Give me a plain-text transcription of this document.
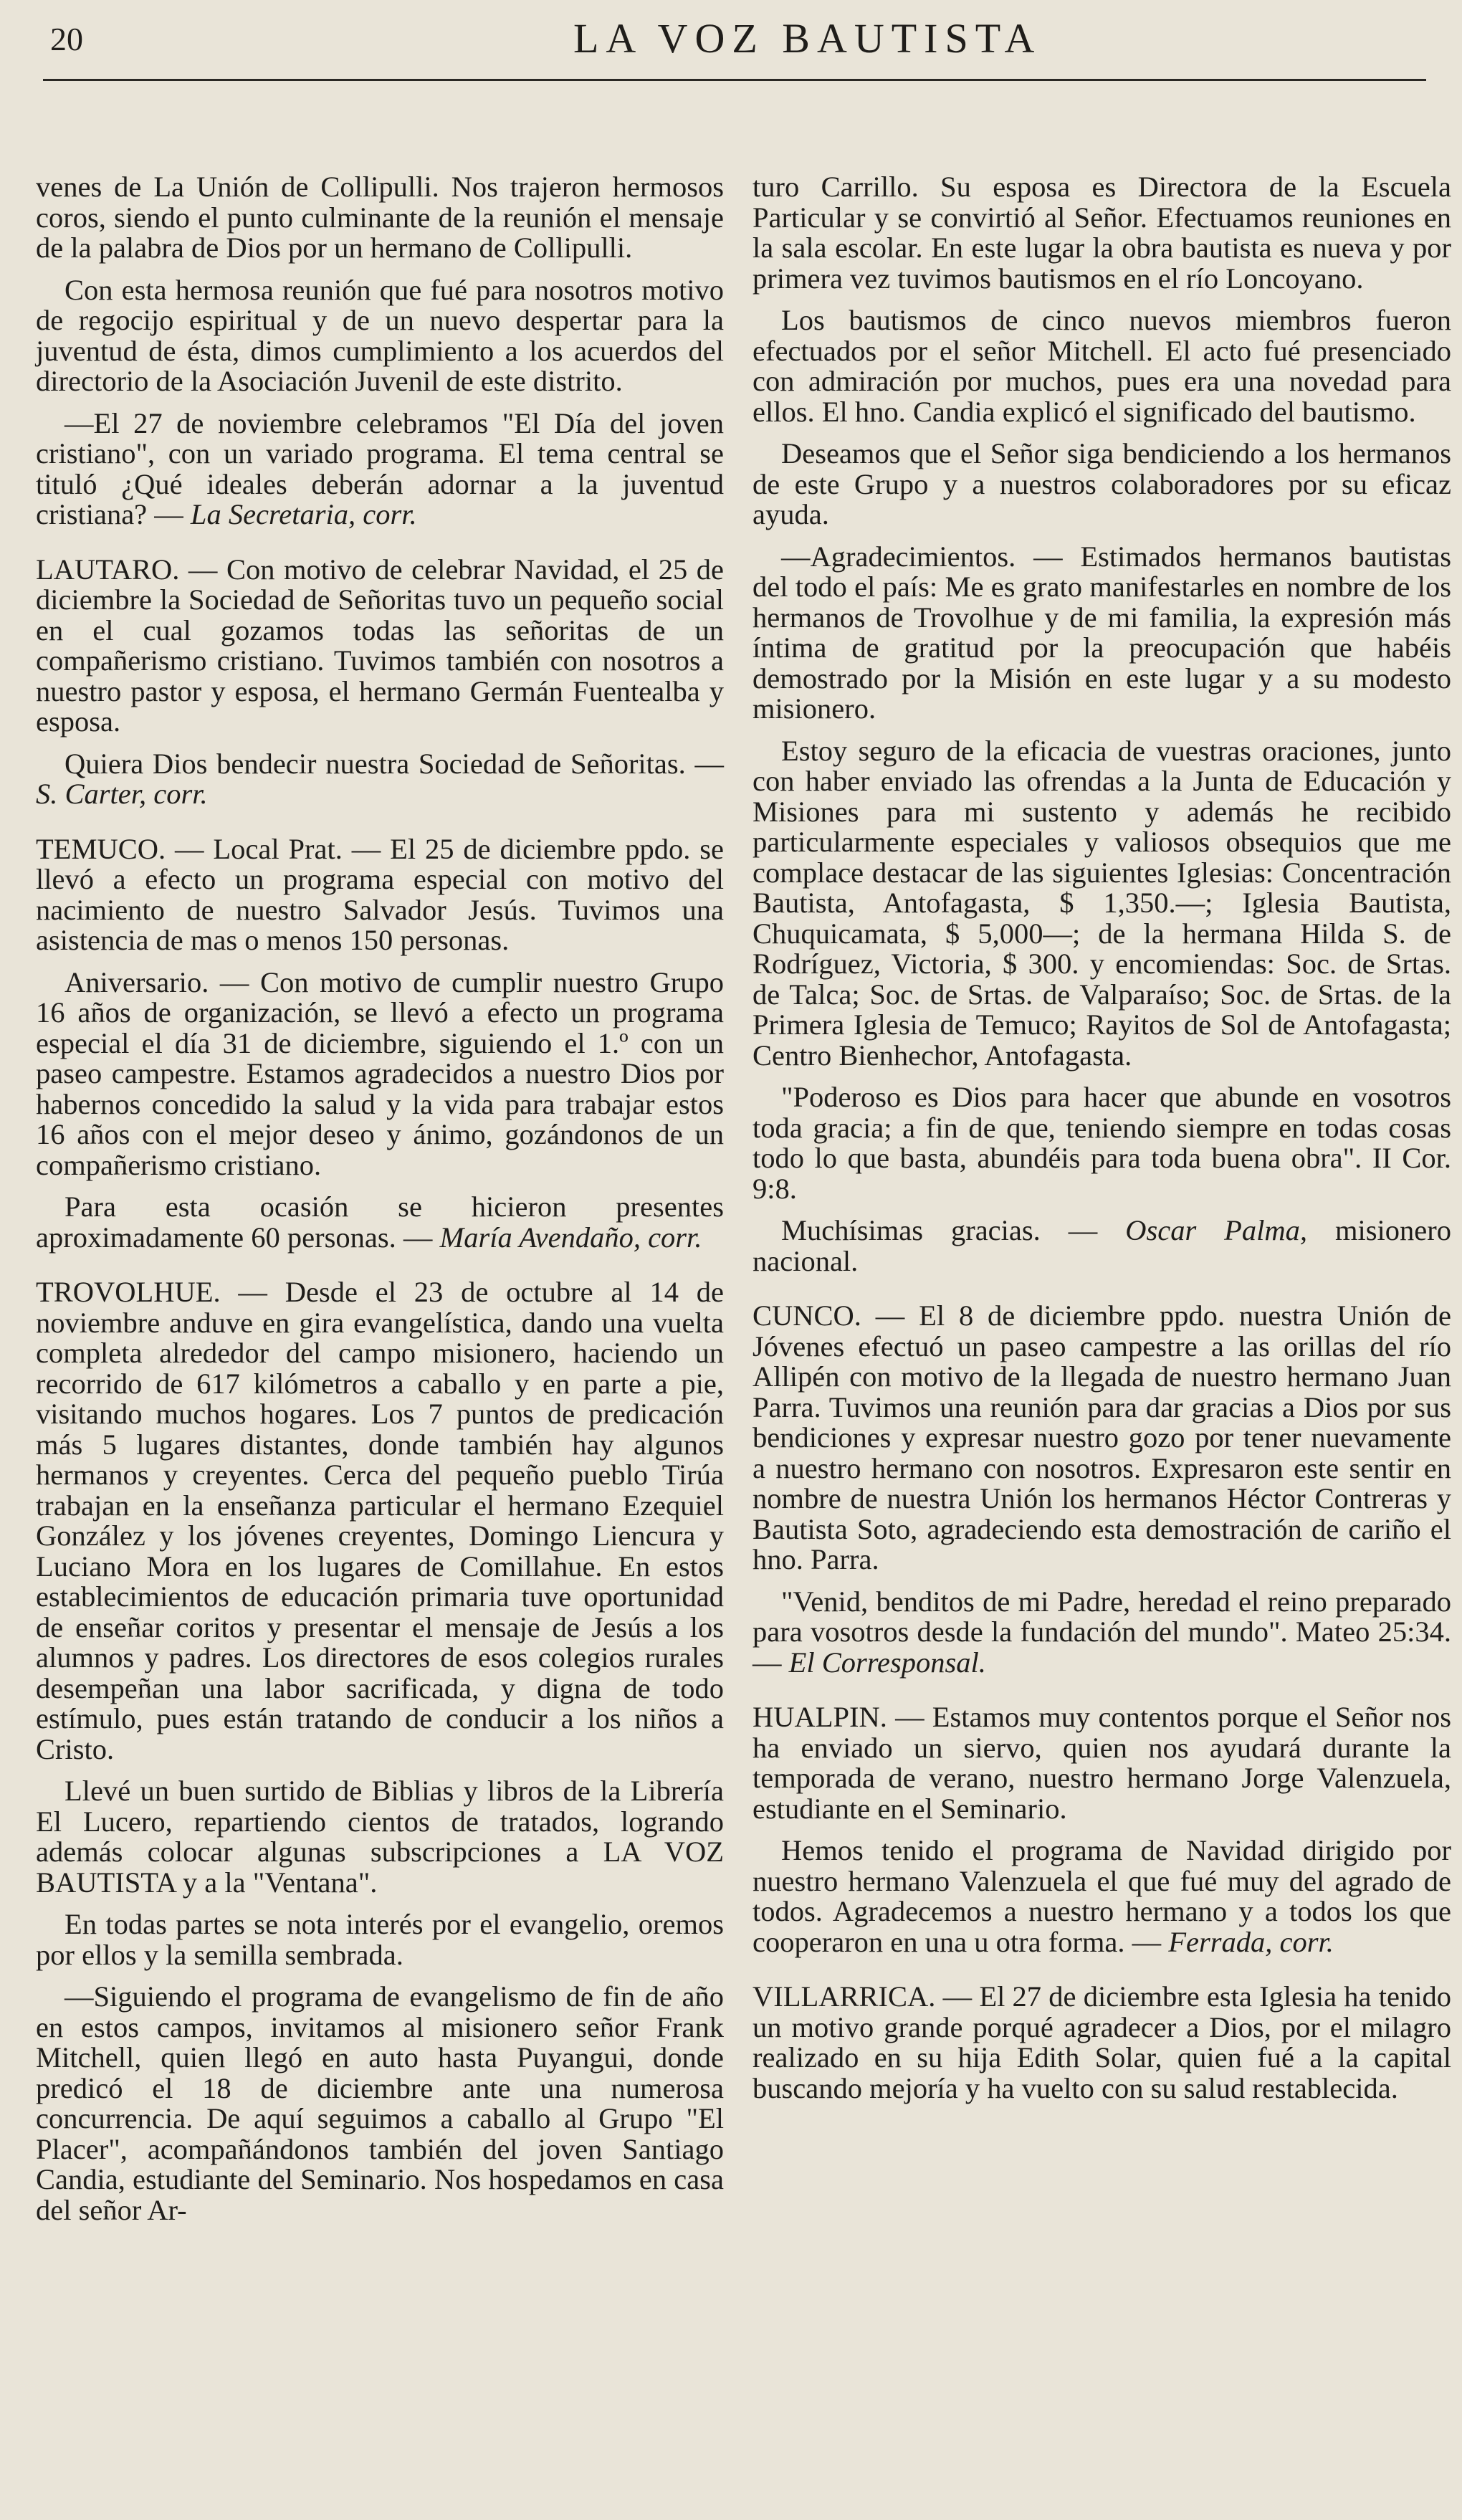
20	LA VOZ BAUTISTA

venes de La Unión de Collipulli. Nos trajeron hermosos coros, siendo el punto culminante de la reunión el mensaje de la palabra de Dios por un hermano de Collipulli.

Con esta hermosa reunión que fué para nosotros motivo de regocijo espiritual y de un nuevo despertar para la juventud de ésta, dimos cumplimiento a los acuerdos del directorio de la Asociación Juvenil de este distrito.

—El 27 de noviembre celebramos "El Día del joven cristiano", con un variado programa. El tema central se tituló ¿Qué ideales deberán adornar a la juventud cristiana? — La Secretaria, corr.

LAUTARO. — Con motivo de celebrar Navidad, el 25 de diciembre la Sociedad de Señoritas tuvo un pequeño social en el cual gozamos todas las señoritas de un compañerismo cristiano. Tuvimos también con nosotros a nuestro pastor y esposa, el hermano Germán Fuentealba y esposa.

Quiera Dios bendecir nuestra Sociedad de Señoritas. — S. Carter, corr.

TEMUCO. — Local Prat. — El 25 de diciembre ppdo. se llevó a efecto un programa especial con motivo del nacimiento de nuestro Salvador Jesús. Tuvimos una asistencia de mas o menos 150 personas.

Aniversario. — Con motivo de cumplir nuestro Grupo 16 años de organización, se llevó a efecto un programa especial el día 31 de diciembre, siguiendo el 1.º con un paseo campestre. Estamos agradecidos a nuestro Dios por habernos concedido la salud y la vida para trabajar estos 16 años con el mejor deseo y ánimo, gozándonos de un compañerismo cristiano.

Para esta ocasión se hicieron presentes aproximadamente 60 personas. — María Avendaño, corr.

TROVOLHUE. — Desde el 23 de octubre al 14 de noviembre anduve en gira evangelística, dando una vuelta completa alrededor del campo misionero, haciendo un recorrido de 617 kilómetros a caballo y en parte a pie, visitando muchos hogares. Los 7 puntos de predicación más 5 lugares distantes, donde también hay algunos hermanos y creyentes. Cerca del pequeño pueblo Tirúa trabajan en la enseñanza particular el hermano Ezequiel González y los jóvenes creyentes, Domingo Liencura y Luciano Mora en los lugares de Comillahue. En estos establecimientos de educación primaria tuve oportunidad de enseñar coritos y presentar el mensaje de Jesús a los alumnos y padres. Los directores de esos colegios rurales desempeñan una labor sacrificada, y digna de todo estímulo, pues están tratando de conducir a los niños a Cristo.

Llevé un buen surtido de Biblias y libros de la Librería El Lucero, repartiendo cientos de tratados, logrando además colocar algunas subscripciones a LA VOZ BAUTISTA y a la "Ventana".

En todas partes se nota interés por el evangelio, oremos por ellos y la semilla sembrada.

—Siguiendo el programa de evangelismo de fin de año en estos campos, invitamos al misionero señor Frank Mitchell, quien llegó en auto hasta Puyangui, donde predicó el 18 de diciembre ante una numerosa concurrencia. De aquí seguimos a caballo al Grupo "El Placer", acompañándonos también del joven Santiago Candia, estudiante del Seminario. Nos hospedamos en casa del señor Ar-

turo Carrillo. Su esposa es Directora de la Escuela Particular y se convirtió al Señor. Efectuamos reuniones en la sala escolar. En este lugar la obra bautista es nueva y por primera vez tuvimos bautismos en el río Loncoyano.

Los bautismos de cinco nuevos miembros fueron efectuados por el señor Mitchell. El acto fué presenciado con admiración por muchos, pues era una novedad para ellos. El hno. Candia explicó el significado del bautismo.

Deseamos que el Señor siga bendiciendo a los hermanos de este Grupo y a nuestros colaboradores por su eficaz ayuda.

—Agradecimientos. — Estimados hermanos bautistas del todo el país: Me es grato manifestarles en nombre de los hermanos de Trovolhue y de mi familia, la expresión más íntima de gratitud por la preocupación que habéis demostrado por la Misión en este lugar y a su modesto misionero.

Estoy seguro de la eficacia de vuestras oraciones, junto con haber enviado las ofrendas a la Junta de Educación y Misiones para mi sustento y además he recibido particularmente especiales y valiosos obsequios que me complace destacar de las siguientes Iglesias: Concentración Bautista, Antofagasta, $ 1,350.—; Iglesia Bautista, Chuquicamata, $ 5,000—; de la hermana Hilda S. de Rodríguez, Victoria, $ 300. y encomiendas: Soc. de Srtas. de Talca; Soc. de Srtas. de Valparaíso; Soc. de Srtas. de la Primera Iglesia de Temuco; Rayitos de Sol de Antofagasta; Centro Bienhechor, Antofagasta.

"Poderoso es Dios para hacer que abunde en vosotros toda gracia; a fin de que, teniendo siempre en todas cosas todo lo que basta, abundéis para toda buena obra". II Cor. 9:8.

Muchísimas gracias. — Oscar Palma, misionero nacional.

CUNCO. — El 8 de diciembre ppdo. nuestra Unión de Jóvenes efectuó un paseo campestre a las orillas del río Allipén con motivo de la llegada de nuestro hermano Juan Parra. Tuvimos una reunión para dar gracias a Dios por sus bendiciones y expresar nuestro gozo por tener nuevamente a nuestro hermano con nosotros. Expresaron este sentir en nombre de nuestra Unión los hermanos Héctor Contreras y Bautista Soto, agradeciendo esta demostración de cariño el hno. Parra.

"Venid, benditos de mi Padre, heredad el reino preparado para vosotros desde la fundación del mundo". Mateo 25:34. — El Corresponsal.

HUALPIN. — Estamos muy contentos porque el Señor nos ha enviado un siervo, quien nos ayudará durante la temporada de verano, nuestro hermano Jorge Valenzuela, estudiante en el Seminario.

Hemos tenido el programa de Navidad dirigido por nuestro hermano Valenzuela el que fué muy del agrado de todos. Agradecemos a nuestro hermano y a todos los que cooperaron en una u otra forma. — Ferrada, corr.

VILLARRICA. — El 27 de diciembre esta Iglesia ha tenido un motivo grande porqué agradecer a Dios, por el milagro realizado en su hija Edith Solar, quien fué a la capital buscando mejoría y ha vuelto con su salud restablecida.
